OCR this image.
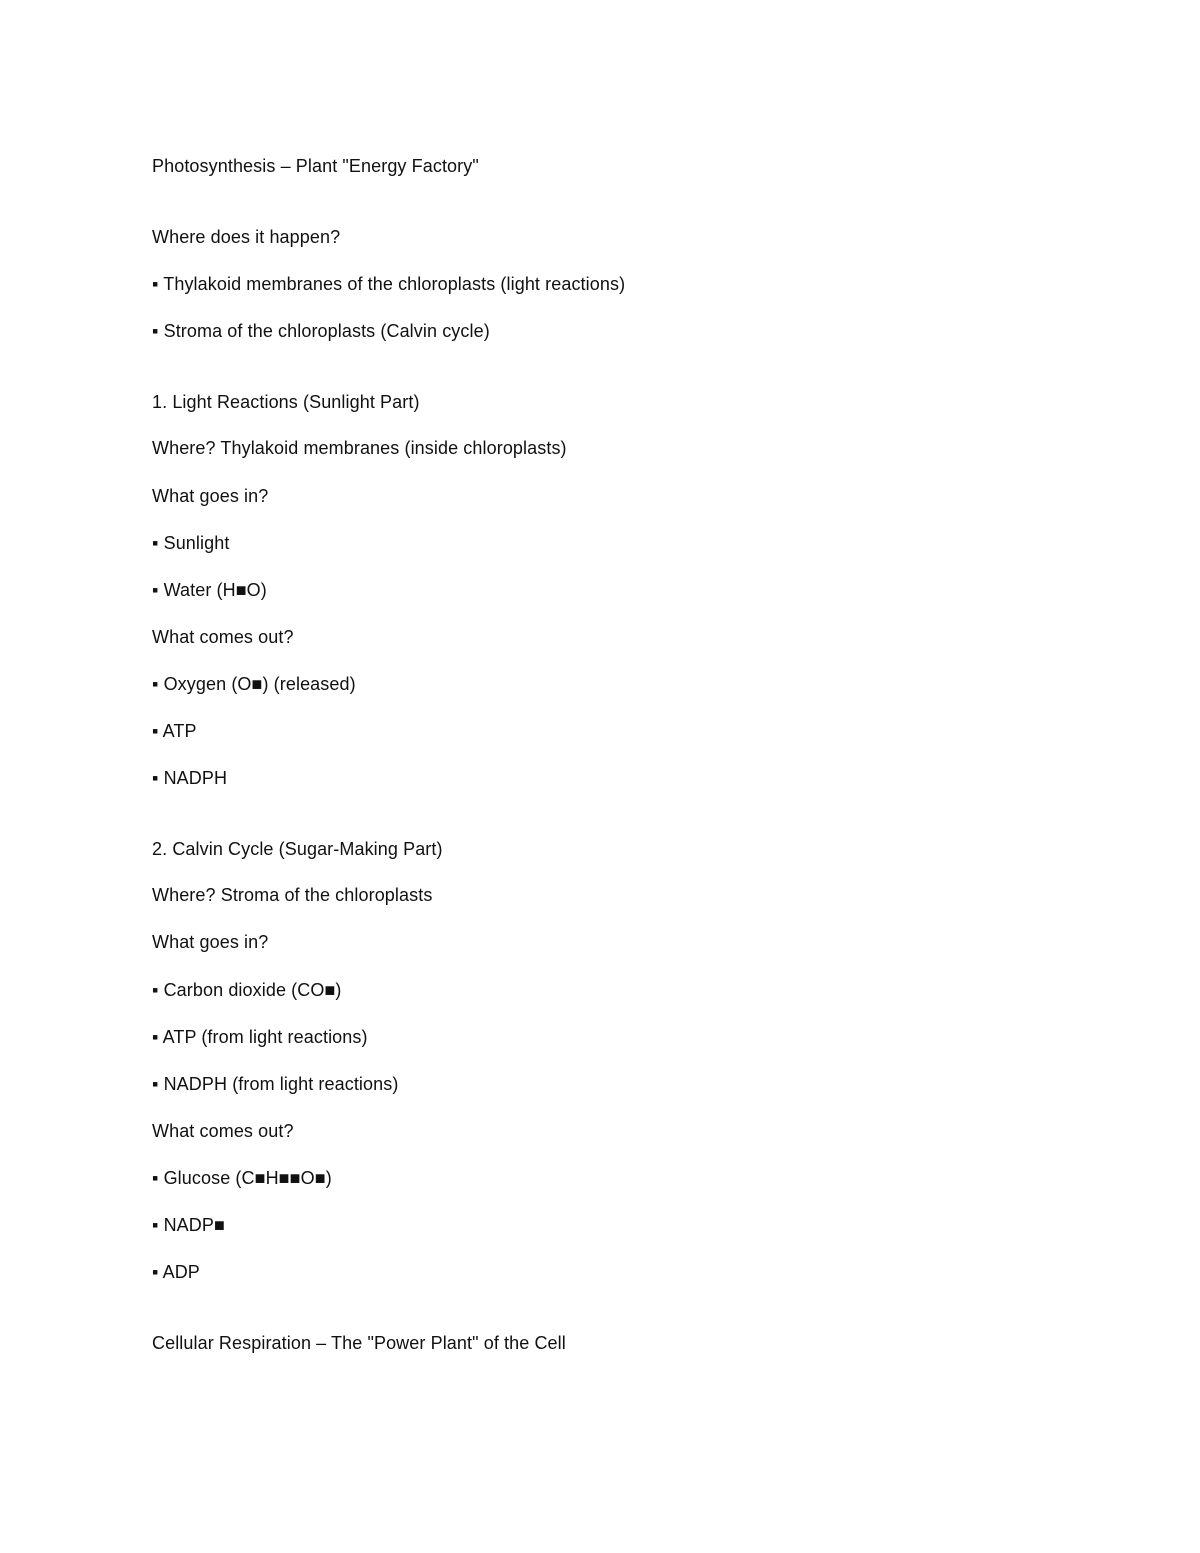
Photosynthesis – Plant "Energy Factory"
Where does it happen?
▪ Thylakoid membranes of the chloroplasts (light reactions)
▪ Stroma of the chloroplasts (Calvin cycle)
1. Light Reactions (Sunlight Part)
Where? Thylakoid membranes (inside chloroplasts)
What goes in?
▪ Sunlight
▪ Water (H■O)
What comes out?
▪ Oxygen (O■) (released)
▪ ATP
▪ NADPH
2. Calvin Cycle (Sugar-Making Part)
Where? Stroma of the chloroplasts
What goes in?
▪ Carbon dioxide (CO■)
▪ ATP (from light reactions)
▪ NADPH (from light reactions)
What comes out?
▪ Glucose (C■H■■O■)
▪ NADP■
▪ ADP
Cellular Respiration – The "Power Plant" of the Cell
